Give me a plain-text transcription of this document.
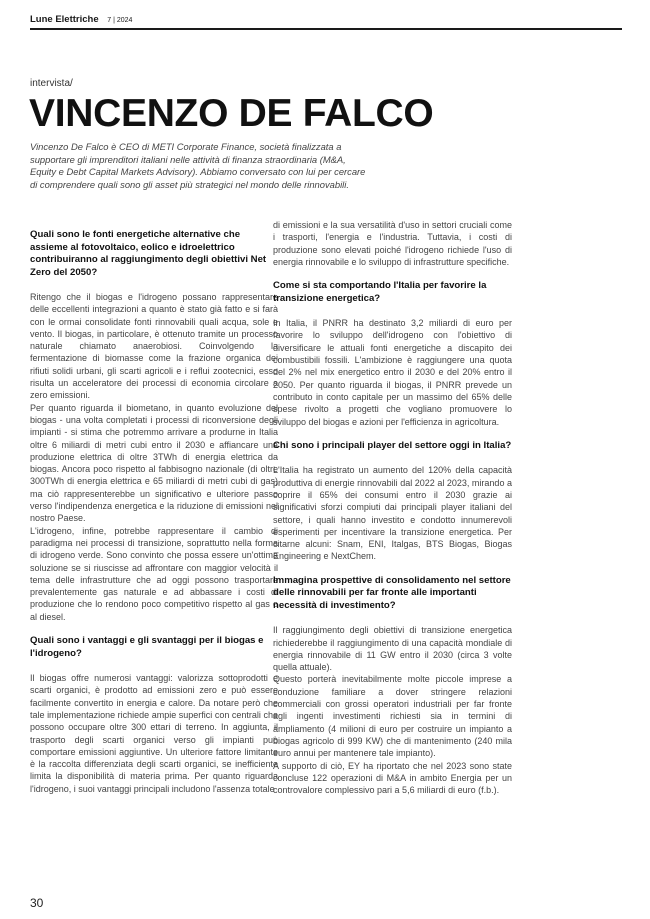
Lune Elettriche 7 | 2024
intervista/
VINCENZO DE FALCO

Vincenzo De Falco è CEO di METI Corporate Finance, società finalizzata a supportare gli imprenditori italiani nelle attività di finanza straordinaria (M&A, Equity e Debt Capital Markets Advisory). Abbiamo conversato con lui per cercare di comprendere quali sono gli asset più strategici nel mondo delle rinnovabili.

Quali sono le fonti energetiche alternative che assieme al fotovoltaico, eolico e idroelettrico contribuiranno al raggiungimento degli obiettivi Net Zero del 2050?

Ritengo che il biogas e l'idrogeno possano rappresentare delle eccellenti integrazioni a quanto è stato già fatto e si farà con le ormai consolidate fonti rinnovabili quali acqua, sole e vento. Il biogas, in particolare, è ottenuto tramite un processo naturale chiamato anaerobiosi. Coinvolgendo la fermentazione di biomasse come la frazione organica dei rifiuti solidi urbani, gli scarti agricoli e i reflui zootecnici, esso risulta un acceleratore dei processi di economia circolare a zero emissioni.

Per quanto riguarda il biometano, in quanto evoluzione del biogas - una volta completati i processi di riconversione degli impianti - si stima che potremmo arrivare a produrne in Italia oltre 6 miliardi di metri cubi entro il 2030 e affiancare una produzione elettrica di oltre 3TWh di energia elettrica da biogas. Ancora poco rispetto al fabbisogno nazionale (di oltre 300TWh di energia elettrica e 65 miliardi di metri cubi di gas) ma ciò rappresenterebbe un significativo e ulteriore passo verso l'indipendenza energetica e la riduzione di emissioni nel nostro Paese.

L'idrogeno, infine, potrebbe rappresentare il cambio di paradigma nei processi di transizione, soprattutto nella forma di idrogeno verde. Sono convinto che possa essere un'ottima soluzione se si riuscisse ad affrontare con maggior velocità il tema delle infrastrutture che ad oggi possono trasportare prevalentemente gas naturale e ad abbassare i costi di produzione che lo rendono poco competitivo rispetto al gas o al diesel.

Quali sono i vantaggi e gli svantaggi per il biogas e l'idrogeno?

Il biogas offre numerosi vantaggi: valorizza sottoprodotti e scarti organici, è prodotto ad emissioni zero e può essere facilmente convertito in energia e calore. Da notare però che tale implementazione richiede ampie superfici con centrali che possono occupare oltre 300 ettari di terreno. In aggiunta, il trasporto degli scarti organici verso gli impianti può comportare emissioni aggiuntive. Un ulteriore fattore limitante è la raccolta differenziata degli scarti organici, se inefficiente limita la disponibilità di materia prima. Per quanto riguarda l'idrogeno, i suoi vantaggi principali includono l'assenza totale

di emissioni e la sua versatilità d'uso in settori cruciali come i trasporti, l'energia e l'industria. Tuttavia, i costi di produzione sono elevati poiché l'idrogeno richiede l'uso di energia rinnovabile e lo sviluppo di infrastrutture specifiche.

Come si sta comportando l'Italia per favorire la transizione energetica?

In Italia, il PNRR ha destinato 3,2 miliardi di euro per favorire lo sviluppo dell'idrogeno con l'obiettivo di diversificare le attuali fonti energetiche a discapito dei combustibili fossili. L'ambizione è raggiungere una quota del 2% nel mix energetico entro il 2030 e del 20% entro il 2050. Per quanto riguarda il biogas, il PNRR prevede un contributo in conto capitale per un massimo del 65% delle spese rivolto a progetti che vogliano promuovere lo sviluppo del biogas e azioni per l'efficienza in agricoltura.

Chi sono i principali player del settore oggi in Italia?

L'Italia ha registrato un aumento del 120% della capacità produttiva di energie rinnovabili dal 2022 al 2023, mirando a coprire il 65% dei consumi entro il 2030 grazie ai significativi sforzi compiuti dai principali player italiani del settore, i quali hanno investito e condotto innumerevoli esperimenti per incentivare la transizione energetica. Per citarne alcuni: Snam, ENI, Italgas, BTS Biogas, Biogas Engineering e NextChem.

Immagina prospettive di consolidamento nel settore delle rinnovabili per far fronte alle importanti necessità di investimento?

Il raggiungimento degli obiettivi di transizione energetica richiederebbe il raggiungimento di una capacità mondiale di energia rinnovabile di 11 GW entro il 2030 (circa 3 volte quella attuale).

Questo porterà inevitabilmente molte piccole imprese a conduzione familiare a dover stringere relazioni commerciali con grossi operatori industriali per far fronte agli ingenti investimenti richiesti sia in termini di ampliamento (4 milioni di euro per costruire un impianto a biogas agricolo di 999 KW) che di mantenimento (240 mila euro annui per mantenere tale impianto).

A supporto di ciò, EY ha riportato che nel 2023 sono state concluse 122 operazioni di M&A in ambito Energia per un controvalore complessivo pari a 5,6 miliardi di euro (f.b.).

30
